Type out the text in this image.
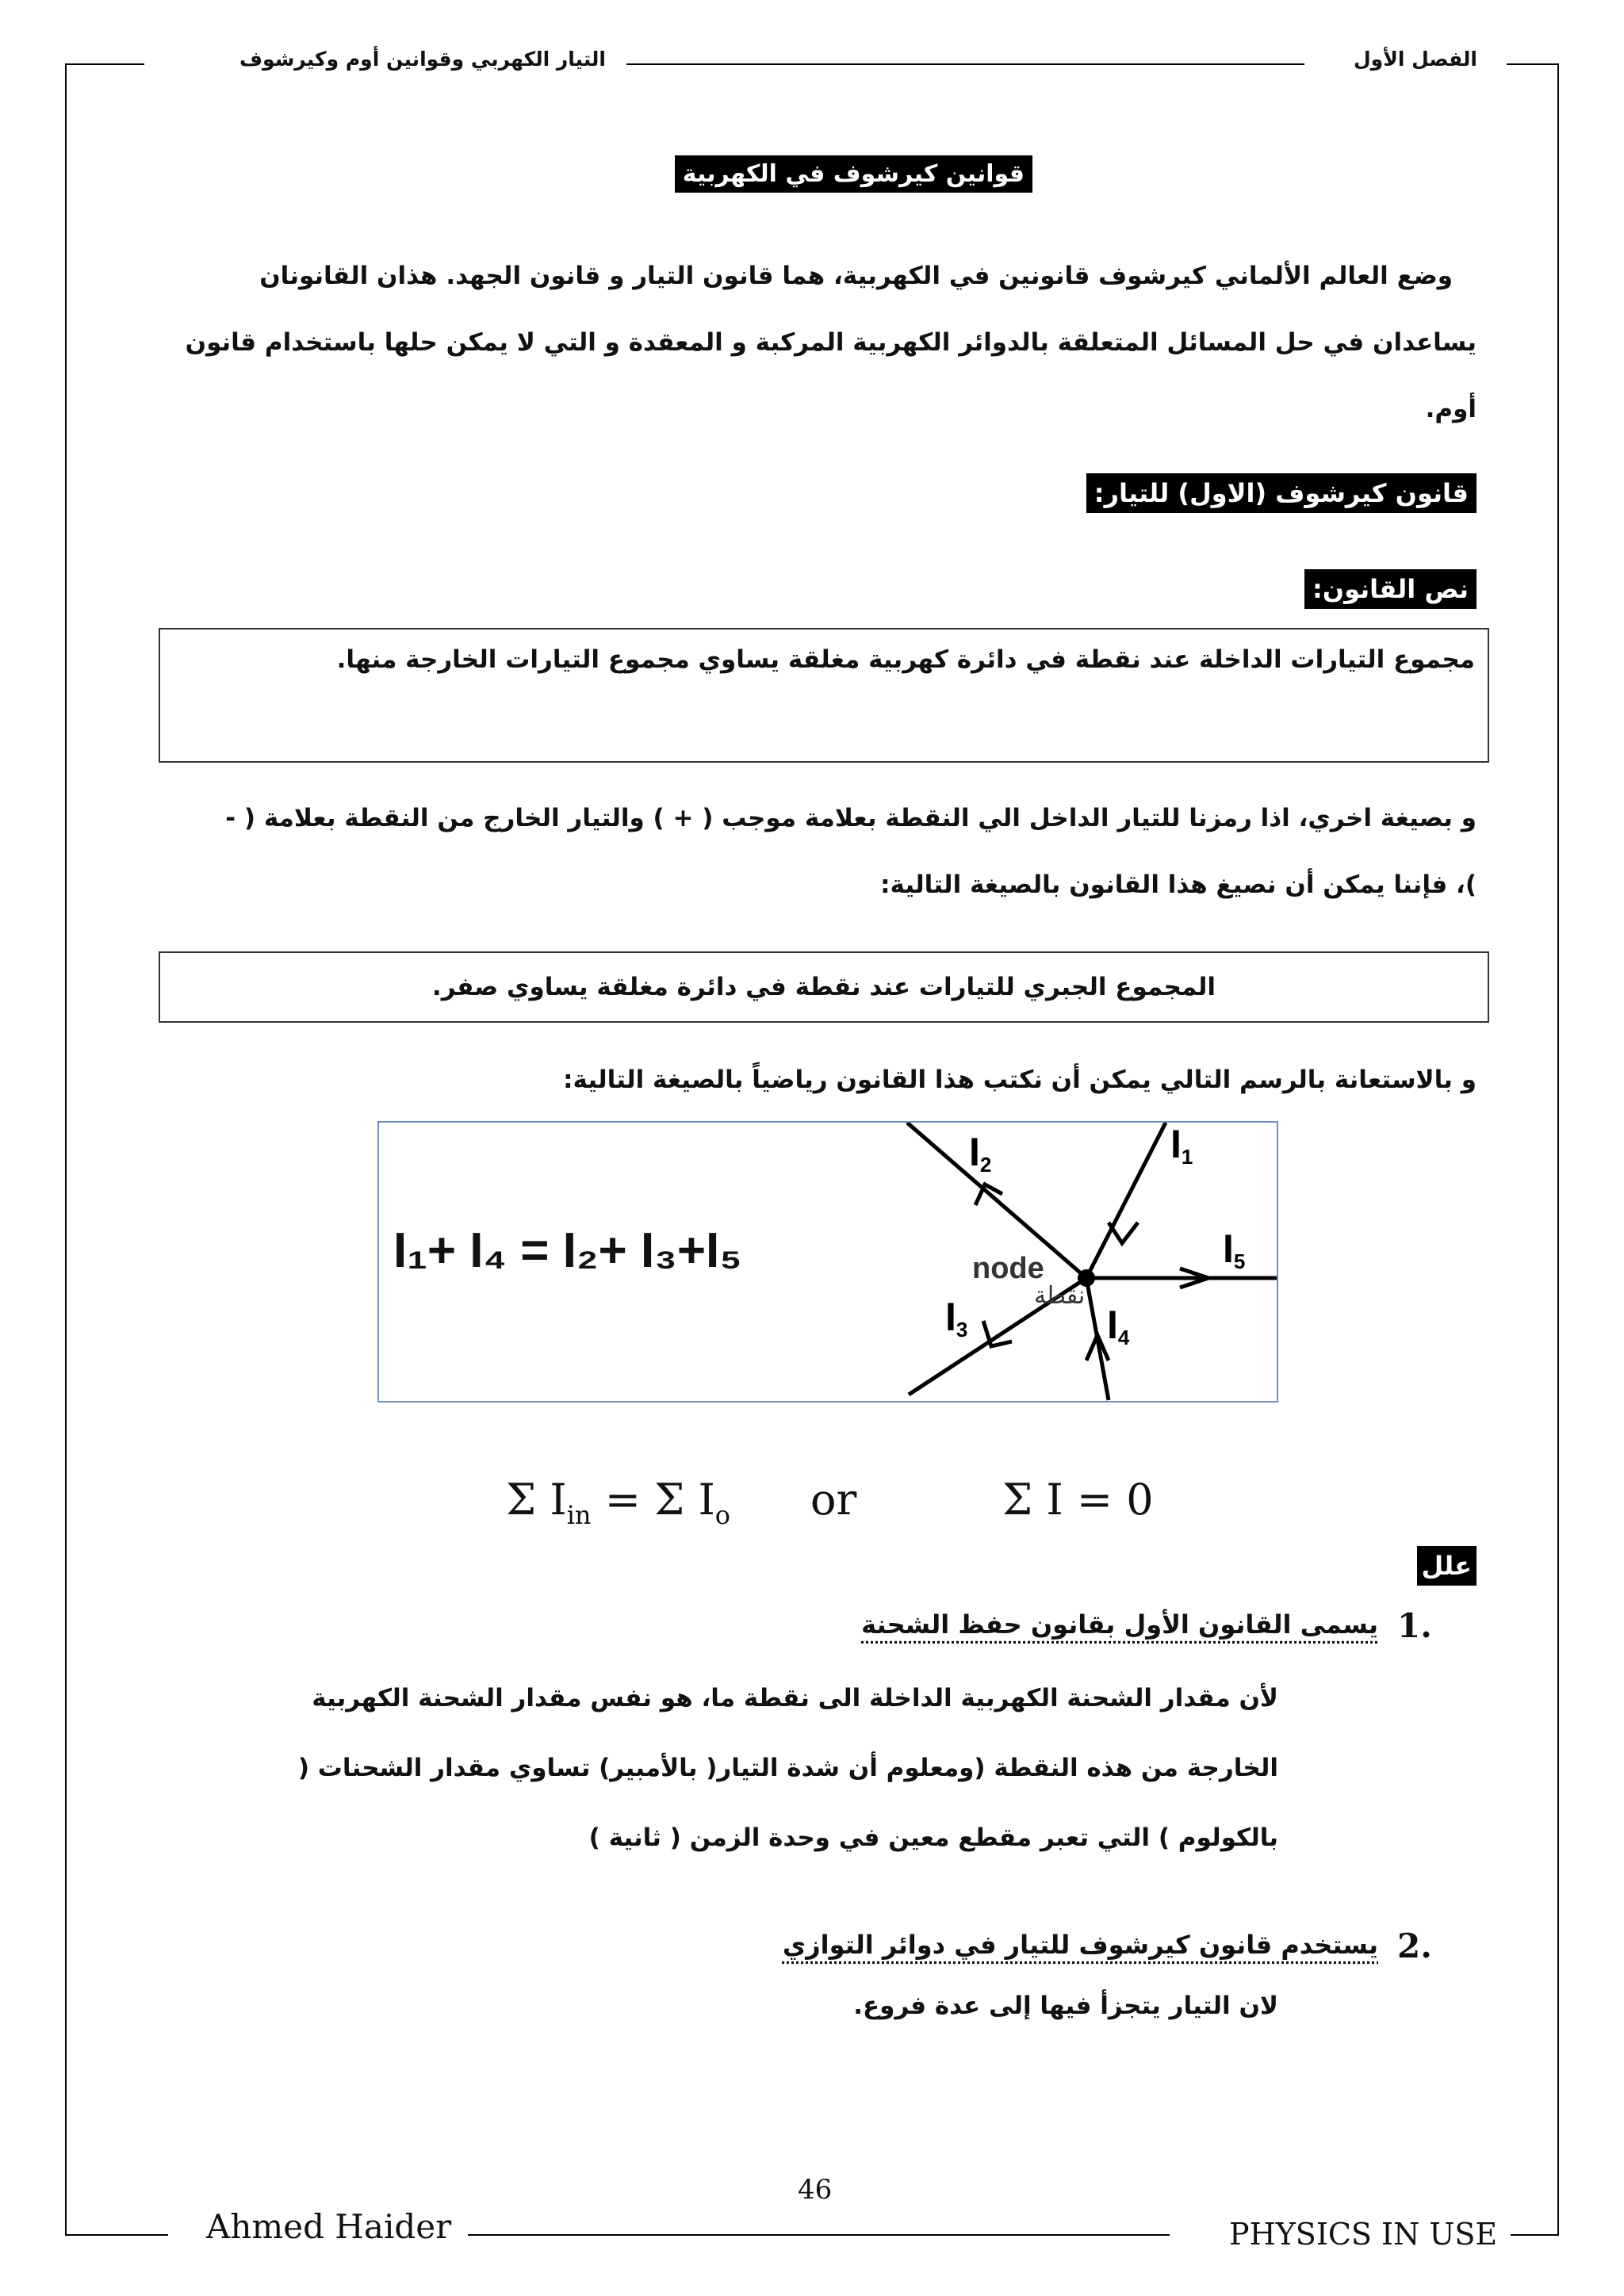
الفصل الأول
التيار الكهربي وقوانين أوم وكيرشوف
قوانين كيرشوف في الكهربية
وضع العالم الألماني كيرشوف قانونين في الكهربية، هما قانون التيار و قانون الجهد. هذان القانونان يساعدان في حل المسائل المتعلقة بالدوائر الكهربية المركبة و المعقدة و التي لا يمكن حلها باستخدام قانون أوم.
قانون كيرشوف (الاول) للتيار:
نص القانون:
مجموع التيارات الداخلة عند نقطة في دائرة كهربية مغلقة يساوي مجموع التيارات الخارجة منها.
و بصيغة اخري، اذا رمزنا للتيار الداخل الي النقطة بعلامة موجب ( + ) والتيار الخارج من النقطة بعلامة ( - )، فإننا يمكن أن نصيغ هذا القانون بالصيغة التالية:
المجموع الجبري للتيارات عند نقطة في دائرة مغلقة يساوي صفر.
و بالاستعانة بالرسم التالي يمكن أن نكتب هذا القانون رياضياً بالصيغة التالية:
I1
I2
I3	I4
I5
node
نقطة
I₁+ I₄ = I₂+ I₃+I₅
Σ $I_{in} = \Sigma$ $I_o$ or	Σ I = 0
علل
1.
يسمى القانون الأول بقانون حفظ الشحنة
لأن مقدار الشحنة الكهربية الداخلة الى نقطة ما، هو نفس مقدار الشحنة الكهربية الخارجة من هذه النقطة (ومعلوم أن شدة التيار( بالأمبير) تساوي مقدار الشحنات ( بالكولوم ) التي تعبر مقطع معين في وحدة الزمن ( ثانية )
2.
يستخدم قانون كيرشوف للتيار في دوائر التوازي
لان التيار يتجزأ فيها إلى عدة فروع.
46
Ahmed Haider	PHYSICS IN USE
